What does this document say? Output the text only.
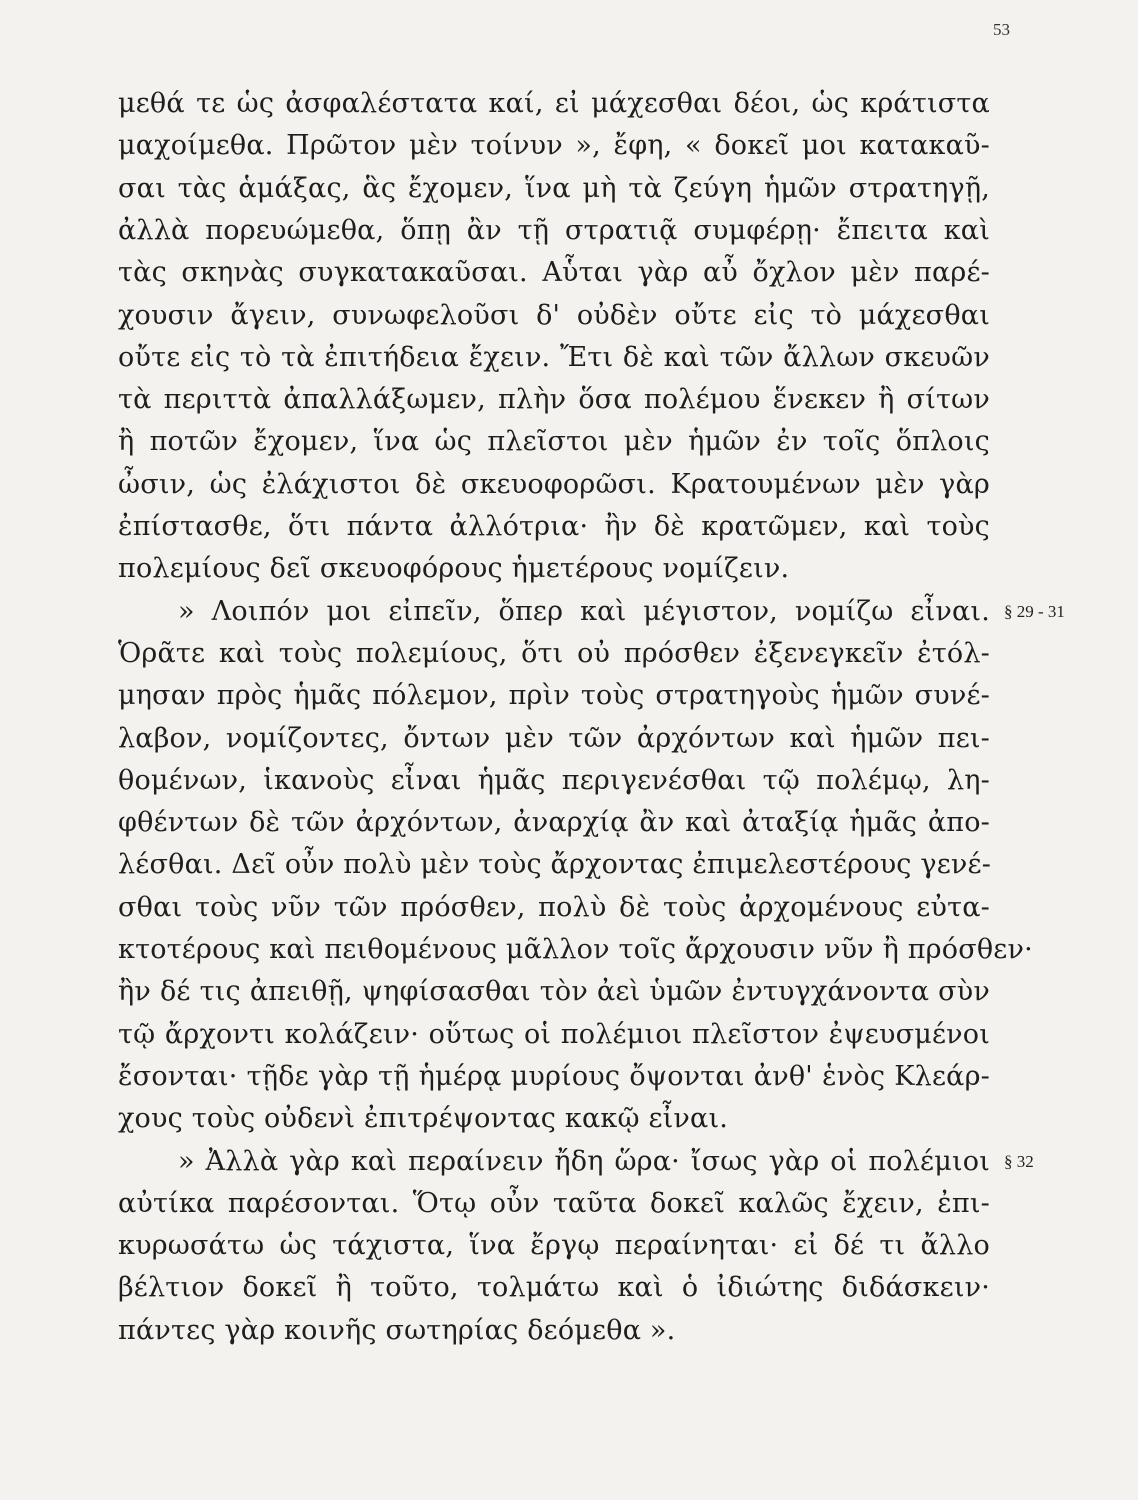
53
μεθά τε ὡς ἀσφαλέστατα καί, εἰ μάχεσθαι δέοι, ὡς κράτιστα
μαχοίμεθα. Πρῶτον μὲν τοίνυν », ἔφη, « δοκεῖ μοι κατακαῦ-
σαι τὰς ἁμάξας, ἃς ἔχομεν, ἵνα μὴ τὰ ζεύγη ἡμῶν στρατηγῇ,
ἀλλὰ πορευώμεθα, ὅπῃ ἂν τῇ στρατιᾷ συμφέρῃ· ἔπειτα καὶ
τὰς σκηνὰς συγκατακαῦσαι. Αὗται γὰρ αὖ ὄχλον μὲν παρέ-
χουσιν ἄγειν, συνωφελοῦσι δ' οὐδὲν οὔτε εἰς τὸ μάχεσθαι
οὔτε εἰς τὸ τὰ ἐπιτήδεια ἔχειν. Ἔτι δὲ καὶ τῶν ἄλλων σκευῶν
τὰ περιττὰ ἀπαλλάξωμεν, πλὴν ὅσα πολέμου ἕνεκεν ἢ σίτων
ἢ ποτῶν ἔχομεν, ἵνα ὡς πλεῖστοι μὲν ἡμῶν ἐν τοῖς ὅπλοις
ὦσιν, ὡς ἐλάχιστοι δὲ σκευοφορῶσι. Κρατουμένων μὲν γὰρ
ἐπίστασθε, ὅτι πάντα ἀλλότρια· ἢν δὲ κρατῶμεν, καὶ τοὺς
πολεμίους δεῖ σκευοφόρους ἡμετέρους νομίζειν.
» Λοιπόν μοι εἰπεῖν, ὅπερ καὶ μέγιστον, νομίζω εἶναι. § 29 - 31
Ὁρᾶτε καὶ τοὺς πολεμίους, ὅτι οὐ πρόσθεν ἐξενεγκεῖν ἐτόλ-
μησαν πρὸς ἡμᾶς πόλεμον, πρὶν τοὺς στρατηγοὺς ἡμῶν συνέ-
λαβον, νομίζοντες, ὄντων μὲν τῶν ἀρχόντων καὶ ἡμῶν πει-
θομένων, ἱκανοὺς εἶναι ἡμᾶς περιγενέσθαι τῷ πολέμῳ, λη-
φθέντων δὲ τῶν ἀρχόντων, ἀναρχίᾳ ἂν καὶ ἀταξίᾳ ἡμᾶς ἀπο-
λέσθαι. Δεῖ οὖν πολὺ μὲν τοὺς ἄρχοντας ἐπιμελεστέρους γενέ-
σθαι τοὺς νῦν τῶν πρόσθεν, πολὺ δὲ τοὺς ἀρχομένους εὐτα-
κτοτέρους καὶ πειθομένους μᾶλλον τοῖς ἄρχουσιν νῦν ἢ πρόσθεν·
ἢν δέ τις ἀπειθῇ, ψηφίσασθαι τὸν ἀεὶ ὑμῶν ἐντυγχάνοντα σὺν
τῷ ἄρχοντι κολάζειν· οὕτως οἱ πολέμιοι πλεῖστον ἐψευσμένοι
ἔσονται· τῇδε γὰρ τῇ ἡμέρᾳ μυρίους ὄψονται ἀνθ' ἑνὸς Κλεάρ-
χους τοὺς οὐδενὶ ἐπιτρέψοντας κακῷ εἶναι.
» Ἀλλὰ γὰρ καὶ περαίνειν ἤδη ὥρα· ἴσως γὰρ οἱ πολέμιοι § 32
αὐτίκα παρέσονται. Ὅτῳ οὖν ταῦτα δοκεῖ καλῶς ἔχειν, ἐπι-
κυρωσάτω ὡς τάχιστα, ἵνα ἔργῳ περαίνηται· εἰ δέ τι ἄλλο
βέλτιον δοκεῖ ἢ τοῦτο, τολμάτω καὶ ὁ ἰδιώτης διδάσκειν·
πάντες γὰρ κοινῆς σωτηρίας δεόμεθα ».
